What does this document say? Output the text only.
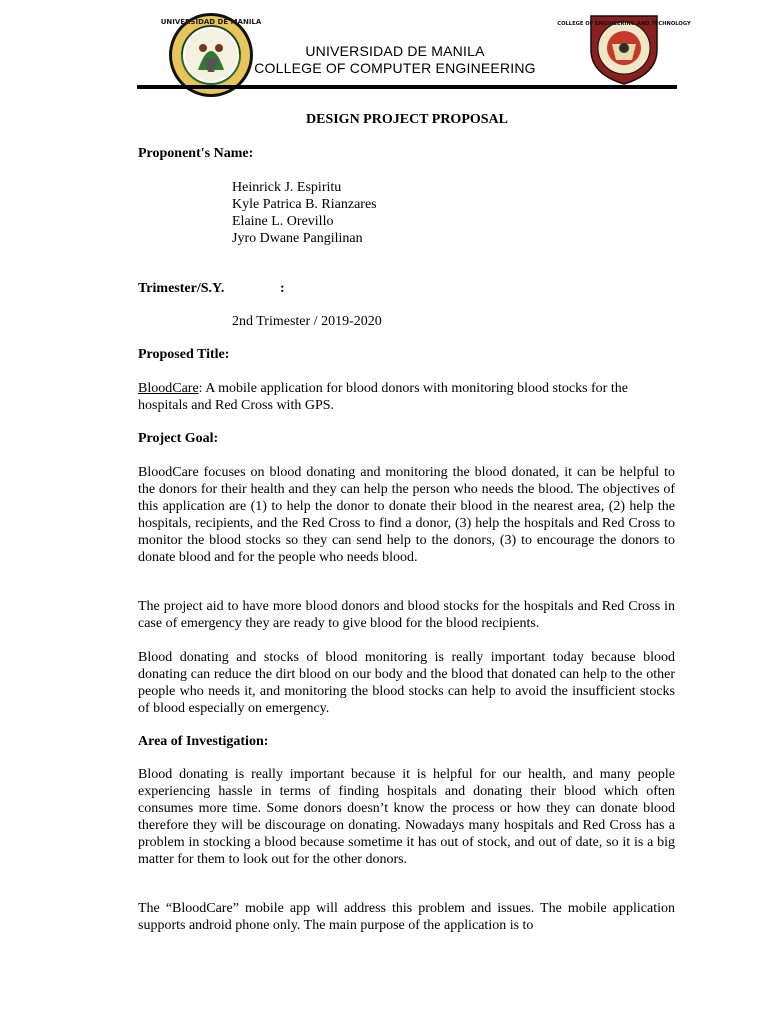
UNIVERSIDAD DE MANILA
UNIVERSIDAD DE MANILA
COLLEGE OF COMPUTER ENGINEERING
COLLEGE OF ENGINEERING AND TECHNOLOGY
DESIGN PROJECT PROPOSAL
Proponent's Name:
Heinrick J. Espiritu
Kyle Patrica B. Rianzares
Elaine L. Orevillo
Jyro Dwane Pangilinan
Trimester/S.Y.	:
2nd Trimester / 2019-2020
Proposed Title:
BloodCare: A mobile application for blood donors with monitoring blood stocks for the hospitals and Red Cross with GPS.
Project Goal:
BloodCare focuses on blood donating and monitoring the blood donated, it can be helpful to the donors for their health and they can help the person who needs the blood. The objectives of this application are (1) to help the donor to donate their blood in the nearest area, (2) help the hospitals, recipients, and the Red Cross to find a donor, (3) help the hospitals and Red Cross to monitor the blood stocks so they can send help to the donors, (3) to encourage the donors to donate blood and for the people who needs blood.
The project aid to have more blood donors and blood stocks for the hospitals and Red Cross in case of emergency they are ready to give blood for the blood recipients.
Blood donating and stocks of blood monitoring is really important today because blood donating can reduce the dirt blood on our body and the blood that donated can help to the other people who needs it, and monitoring the blood stocks can help to avoid the insufficient stocks of blood especially on emergency.
Area of Investigation:
Blood donating is really important because it is helpful for our health, and many people experiencing hassle in terms of finding hospitals and donating their blood which often consumes more time. Some donors doesn’t know the process or how they can donate blood therefore they will be discourage on donating. Nowadays many hospitals and Red Cross has a problem in stocking a blood because sometime it has out of stock, and out of date, so it is a big matter for them to look out for the other donors.
The “BloodCare” mobile app will address this problem and issues. The mobile application supports android phone only. The main purpose of the application is to
